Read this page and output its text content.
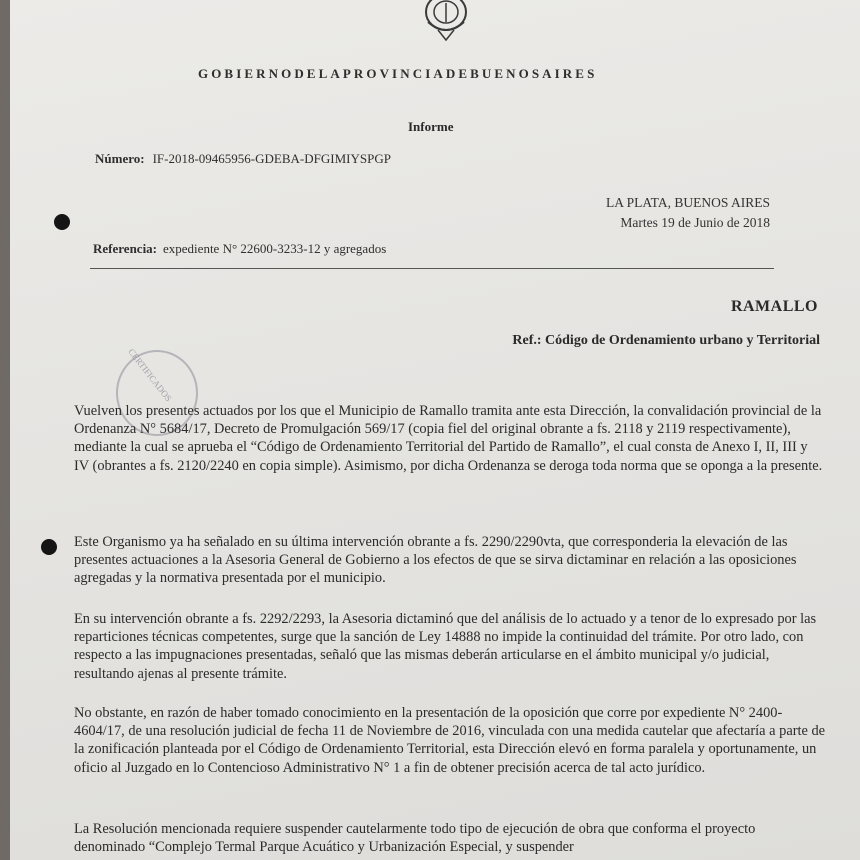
GOBIERNODELAPROVINCIADEBUENOSAIRES
Informe
Número: IF-2018-09465956-GDEBA-DFGIMIYSPGP
LA PLATA, BUENOS AIRES
Martes 19 de Junio de 2018
Referencia: expediente N° 22600-3233-12 y agregados
RAMALLO
Ref.: Código de Ordenamiento urbano y Territorial
CERTIFICADOS

Vuelven los presentes actuados por los que el Municipio de Ramallo tramita ante esta Dirección, la convalidación provincial de la Ordenanza N° 5684/17, Decreto de Promulgación 569/17 (copia fiel del original obrante a fs. 2118 y 2119 respectivamente), mediante la cual se aprueba el “Código de Ordenamiento Territorial del Partido de Ramallo”, el cual consta de Anexo I, II, III y IV (obrantes a fs. 2120/2240 en copia simple). Asimismo, por dicha Ordenanza se deroga toda norma que se oponga a la presente.

Este Organismo ya ha señalado en su última intervención obrante a fs. 2290/2290vta, que corresponderia la elevación de las presentes actuaciones a la Asesoria General de Gobierno a los efectos de que se sirva dictaminar en relación a las oposiciones agregadas y la normativa presentada por el municipio.

En su intervención obrante a fs. 2292/2293, la Asesoria dictaminó que del análisis de lo actuado y a tenor de lo expresado por las reparticiones técnicas competentes, surge que la sanción de Ley 14888 no impide la continuidad del trámite. Por otro lado, con respecto a las impugnaciones presentadas, señaló que las mismas deberán articularse en el ámbito municipal y/o judicial, resultando ajenas al presente trámite.

No obstante, en razón de haber tomado conocimiento en la presentación de la oposición que corre por expediente N° 2400-4604/17, de una resolución judicial de fecha 11 de Noviembre de 2016, vinculada con una medida cautelar que afectaría a parte de la zonificación planteada por el Código de Ordenamiento Territorial, esta Dirección elevó en forma paralela y oportunamente, un oficio al Juzgado en lo Contencioso Administrativo N° 1 a fin de obtener precisión acerca de tal acto jurídico.

La Resolución mencionada requiere suspender cautelarmente todo tipo de ejecución de obra que conforma el proyecto denominado “Complejo Termal Parque Acuático y Urbanización Especial, y suspender
